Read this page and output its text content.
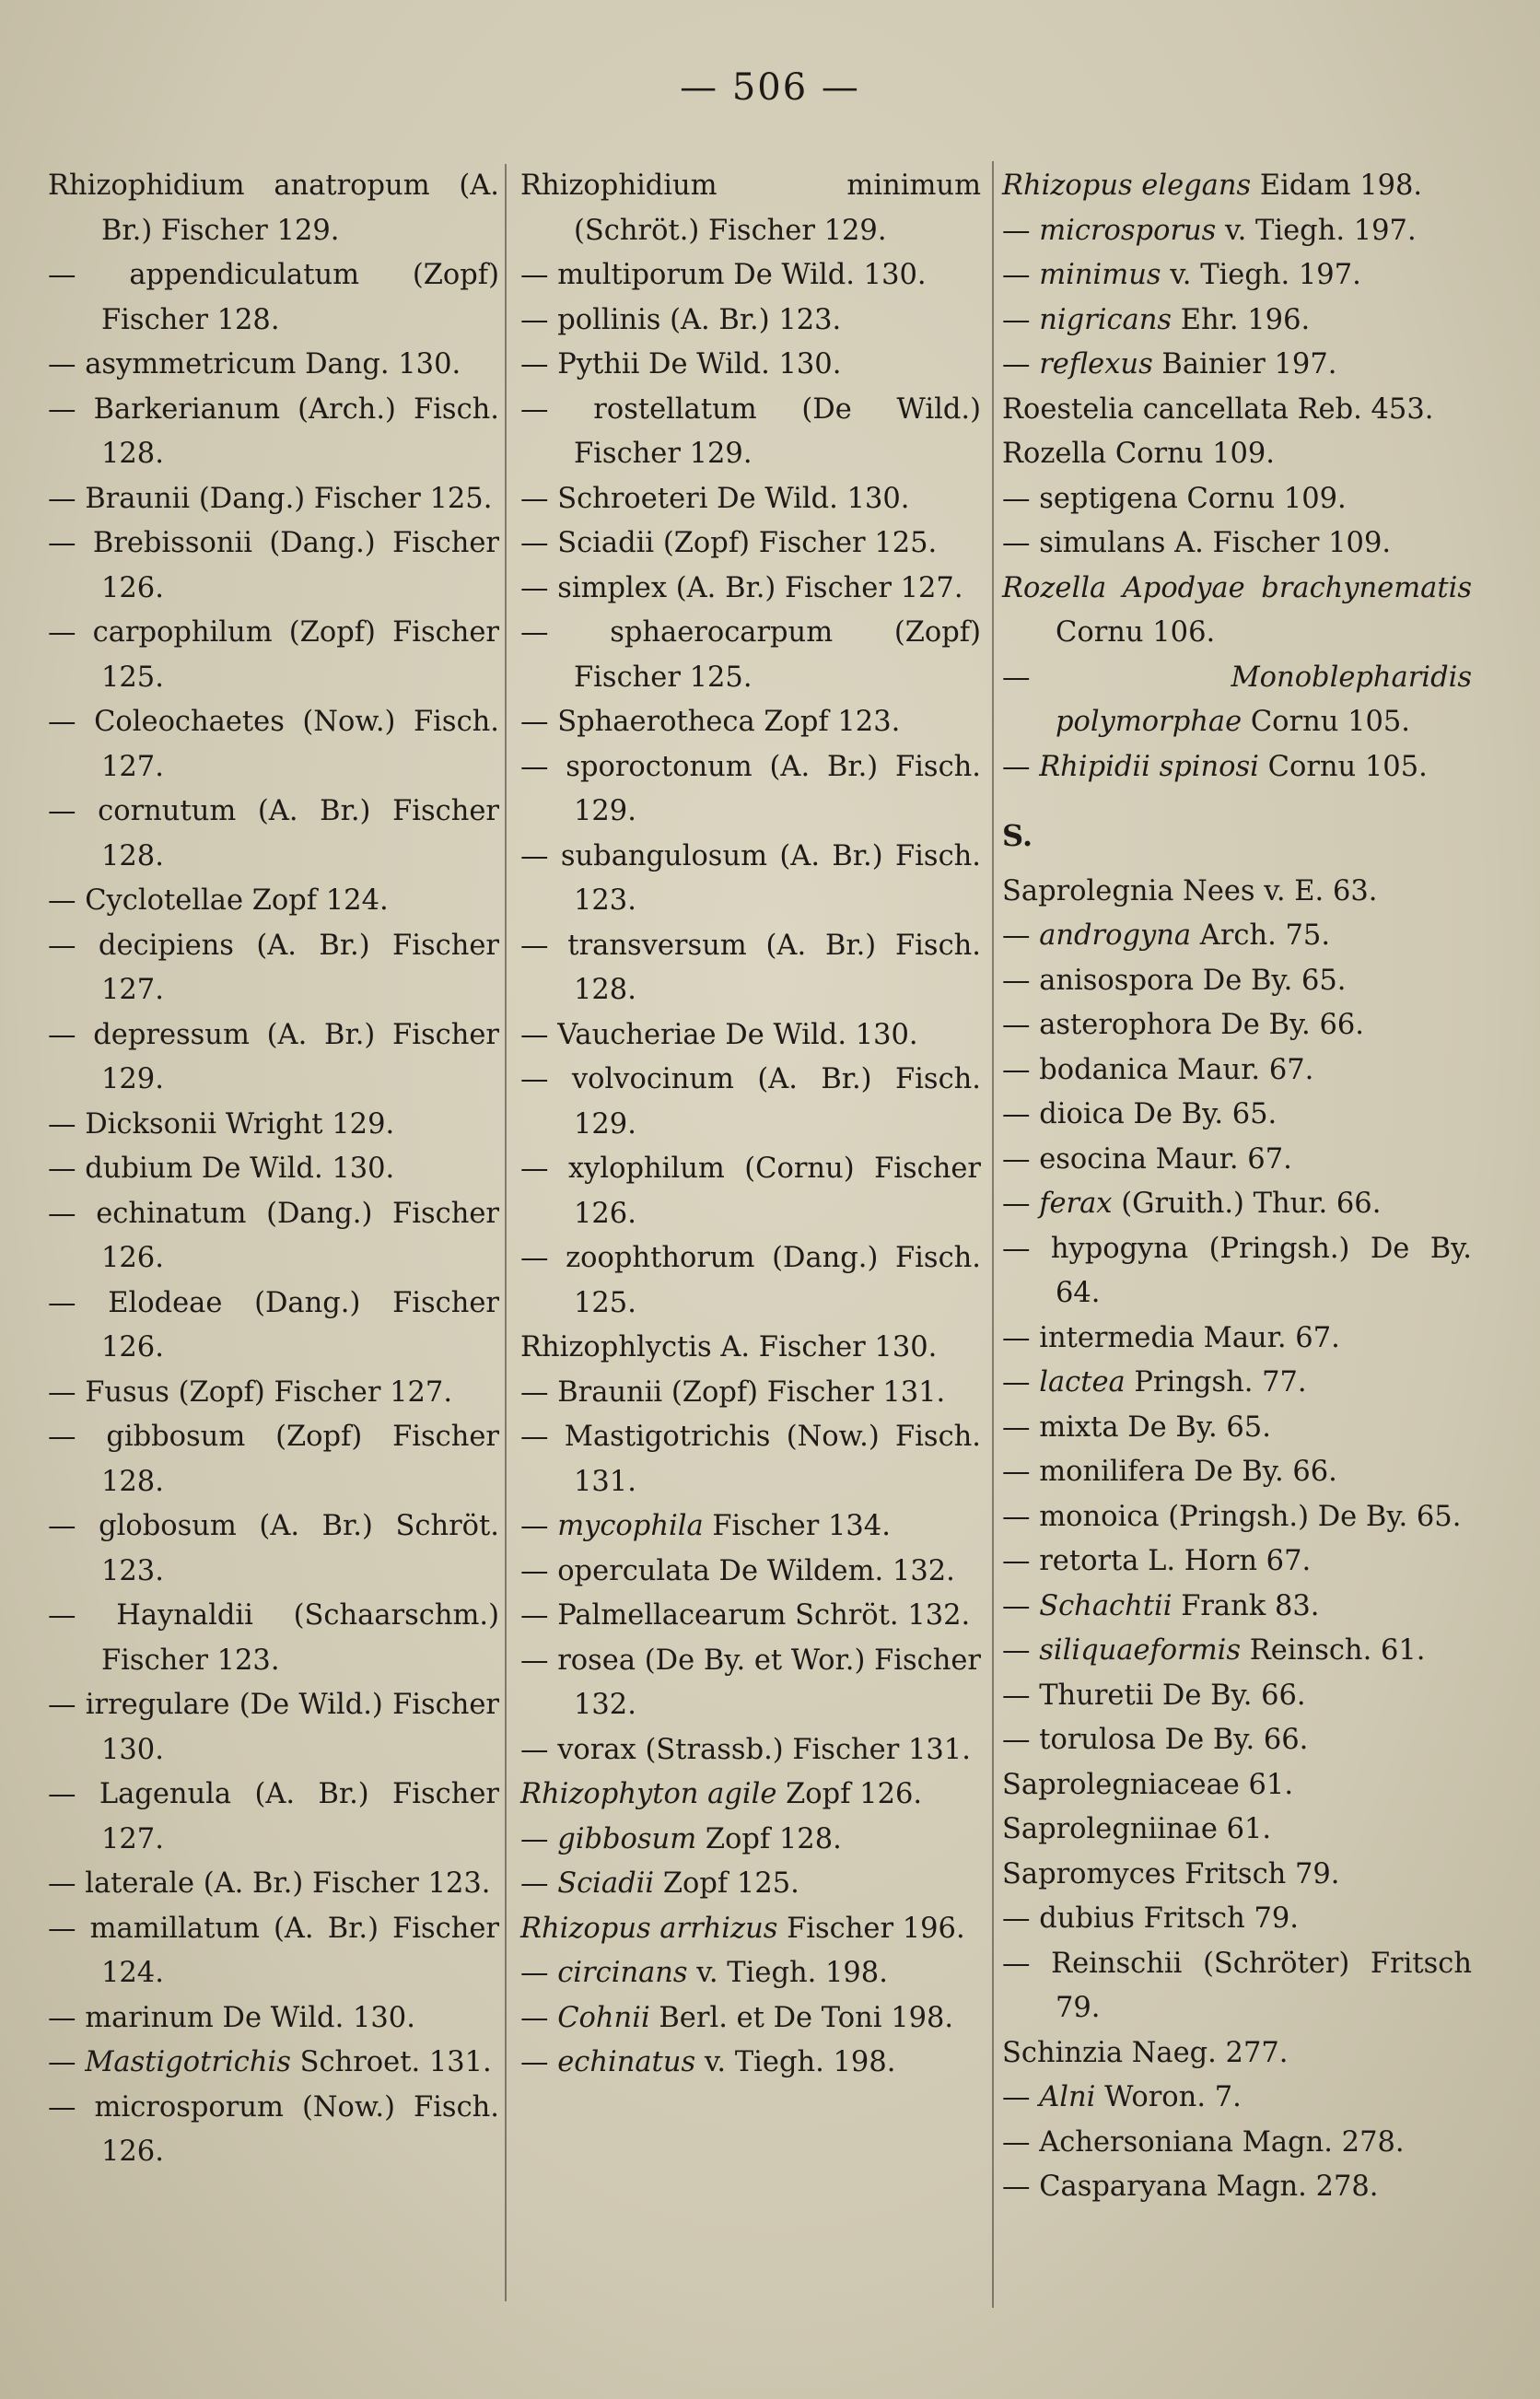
— 506 —

Rhizophidium anatropum (A. Br.) Fischer 129.

— appendiculatum (Zopf) Fischer 128.

— asymmetricum Dang. 130.

— Barkerianum (Arch.) Fisch. 128.

— Braunii (Dang.) Fischer 125.

— Brebissonii (Dang.) Fischer 126.

— carpophilum (Zopf) Fischer 125.

— Coleochaetes (Now.) Fisch. 127.

— cornutum (A. Br.) Fischer 128.

— Cyclotellae Zopf 124.

— decipiens (A. Br.) Fischer 127.

— depressum (A. Br.) Fischer 129.

— Dicksonii Wright 129.

— dubium De Wild. 130.

— echinatum (Dang.) Fischer 126.

— Elodeae (Dang.) Fischer 126.

— Fusus (Zopf) Fischer 127.

— gibbosum (Zopf) Fischer 128.

— globosum (A. Br.) Schröt. 123.

— Haynaldii (Schaarschm.) Fischer 123.

— irregulare (De Wild.) Fischer 130.

— Lagenula (A. Br.) Fischer 127.

— laterale (A. Br.) Fischer 123.

— mamillatum (A. Br.) Fischer 124.

— marinum De Wild. 130.

— Mastigotrichis Schroet. 131.

— microsporum (Now.) Fisch. 126.

Rhizophidium minimum (Schröt.) Fischer 129.

— multiporum De Wild. 130.

— pollinis (A. Br.) 123.

— Pythii De Wild. 130.

— rostellatum (De Wild.) Fischer 129.

— Schroeteri De Wild. 130.

— Sciadii (Zopf) Fischer 125.

— simplex (A. Br.) Fischer 127.

— sphaerocarpum (Zopf) Fischer 125.

— Sphaerotheca Zopf 123.

— sporoctonum (A. Br.) Fisch. 129.

— subangulosum (A. Br.) Fisch. 123.

— transversum (A. Br.) Fisch. 128.

— Vaucheriae De Wild. 130.

— volvocinum (A. Br.) Fisch. 129.

— xylophilum (Cornu) Fischer 126.

— zoophthorum (Dang.) Fisch. 125.

Rhizophlyctis A. Fischer 130.

— Braunii (Zopf) Fischer 131.

— Mastigotrichis (Now.) Fisch. 131.

— mycophila Fischer 134.

— operculata De Wildem. 132.

— Palmellacearum Schröt. 132.

— rosea (De By. et Wor.) Fischer 132.

— vorax (Strassb.) Fischer 131.

Rhizophyton agile Zopf 126.

— gibbosum Zopf 128.

— Sciadii Zopf 125.

Rhizopus arrhizus Fischer 196.

— circinans v. Tiegh. 198.

— Cohnii Berl. et De Toni 198.

— echinatus v. Tiegh. 198.

Rhizopus elegans Eidam 198.

— microsporus v. Tiegh. 197.

— minimus v. Tiegh. 197.

— nigricans Ehr. 196.

— reflexus Bainier 197.

Roestelia cancellata Reb. 453.

Rozella Cornu 109.

— septigena Cornu 109.

— simulans A. Fischer 109.

Rozella Apodyae brachynematis Cornu 106.

— Monoblepharidis polymorphae Cornu 105.

— Rhipidii spinosi Cornu 105.

S.

Saprolegnia Nees v. E. 63.

— androgyna Arch. 75.

— anisospora De By. 65.

— asterophora De By. 66.

— bodanica Maur. 67.

— dioica De By. 65.

— esocina Maur. 67.

— ferax (Gruith.) Thur. 66.

— hypogyna (Pringsh.) De By. 64.

— intermedia Maur. 67.

— lactea Pringsh. 77.

— mixta De By. 65.

— monilifera De By. 66.

— monoica (Pringsh.) De By. 65.

— retorta L. Horn 67.

— Schachtii Frank 83.

— siliquaeformis Reinsch. 61.

— Thuretii De By. 66.

— torulosa De By. 66.

Saprolegniaceae 61.

Saprolegniinae 61.

Sapromyces Fritsch 79.

— dubius Fritsch 79.

— Reinschii (Schröter) Fritsch 79.

Schinzia Naeg. 277.

— Alni Woron. 7.

— Achersoniana Magn. 278.

— Casparyana Magn. 278.
